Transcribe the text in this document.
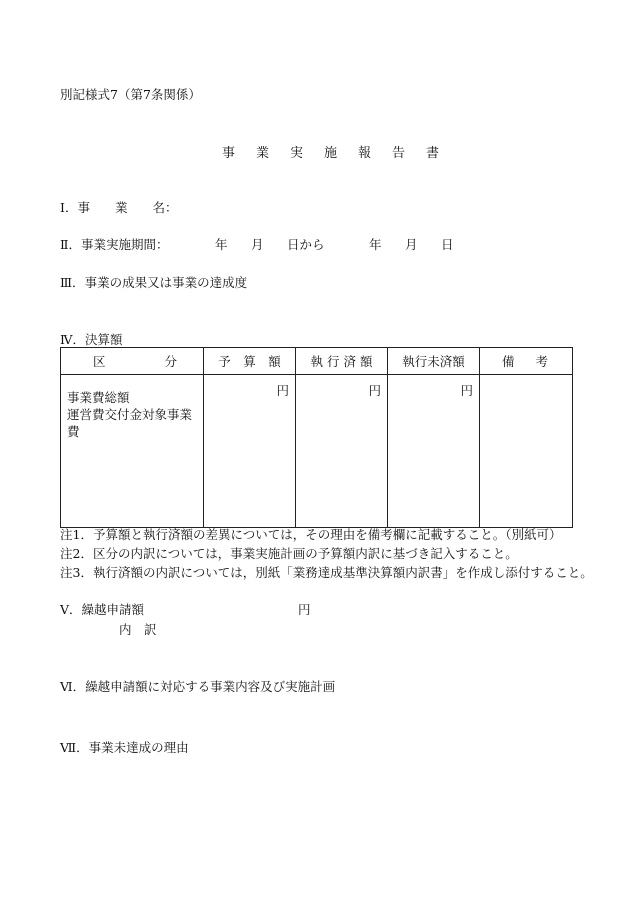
別記様式7（第7条関係）
事 業 実 施 報 告 書
Ⅰ．事　　業　　名：
Ⅱ．事業実施期間：	年 月 日から	年 月 日
Ⅲ．事業の成果又は事業の達成度
Ⅳ．決算額
区 分	予　算　額	執 行 済 額	執行未済額	備 考

事業費総額
運営費交付金対象事業費	円	円	円	
注1．予算額と執行済額の差異については，その理由を備考欄に記載すること。（別紙可）
注2．区分の内訳については，事業実施計画の予算額内訳に基づき記入すること。
注3．執行済額の内訳については，別紙「業務達成基準決算額内訳書」を作成し添付すること。
Ⅴ．繰越申請額	円
内　訳
Ⅵ．繰越申請額に対応する事業内容及び実施計画
Ⅶ．事業未達成の理由
